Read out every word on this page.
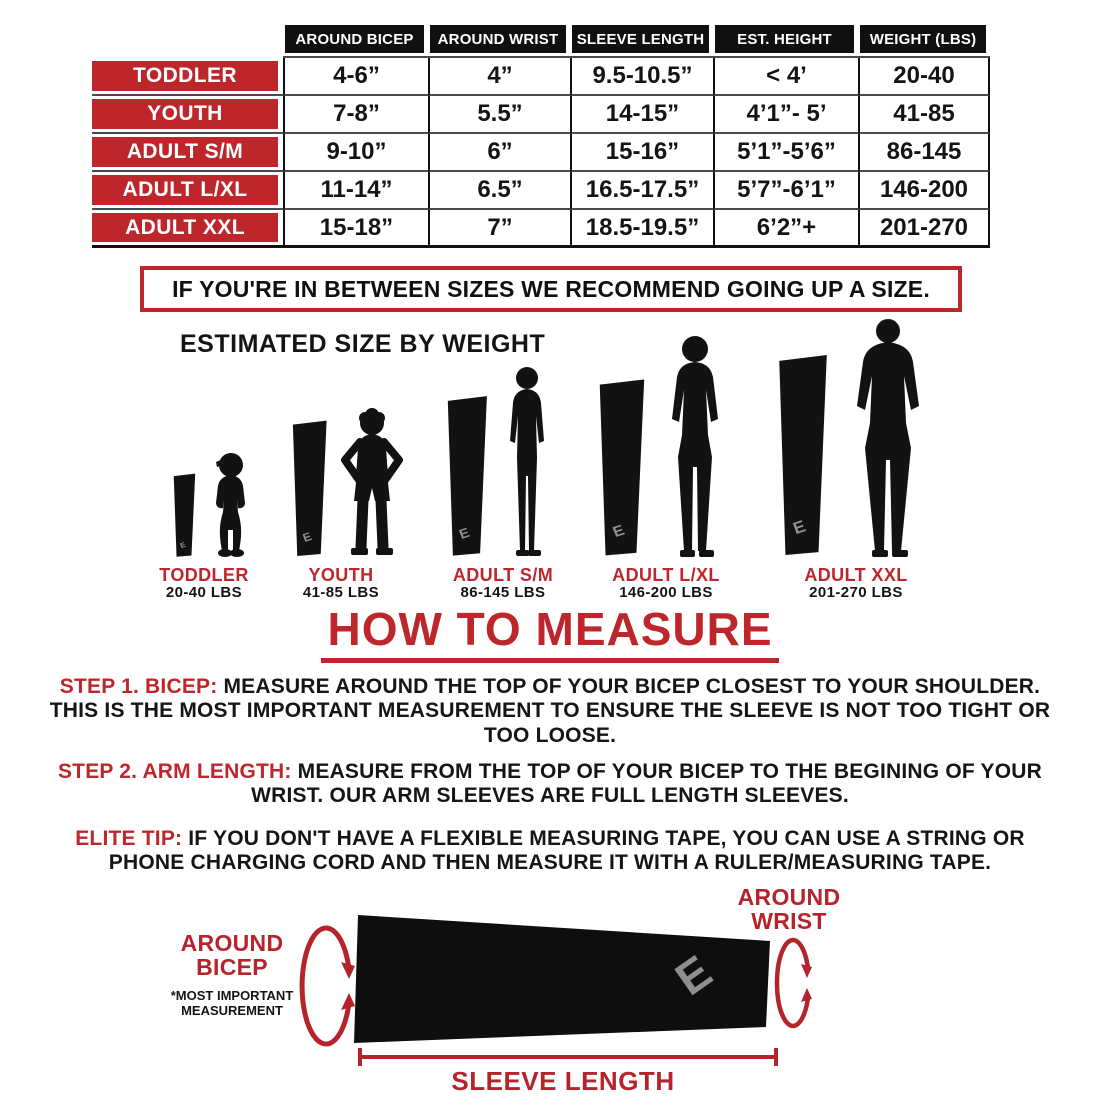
AROUND BICEP	AROUND WRIST	SLEEVE LENGTH	EST. HEIGHT	WEIGHT (LBS)
TODDLER	4-6”	4”	9.5-10.5”	< 4’	20-40
YOUTH	7-8”	5.5”	14-15”	4’1”- 5’	41-85
ADULT S/M	9-10”	6”	15-16”	5’1”-5’6”	86-145
ADULT L/XL	11-14”	6.5”	16.5-17.5”	5’7”-6’1”	146-200
ADULT XXL	15-18”	7”	18.5-19.5”	6’2”+	201-270
IF YOU'RE IN BETWEEN SIZES WE RECOMMEND GOING UP A SIZE.
ESTIMATED SIZE BY WEIGHT
E
E	E	E	E
TODDLER
20-40 LBS
YOUTH
41-85 LBS
ADULT S/M
86-145 LBS
ADULT L/XL
146-200 LBS
ADULT XXL
201-270 LBS
HOW TO MEASURE
STEP 1. BICEP: MEASURE AROUND THE TOP OF YOUR BICEP CLOSEST TO YOUR SHOULDER. THIS IS THE MOST IMPORTANT MEASUREMENT TO ENSURE THE SLEEVE IS NOT TOO TIGHT OR TOO LOOSE.
STEP 2. ARM LENGTH: MEASURE FROM THE TOP OF YOUR BICEP TO THE BEGINING OF YOUR WRIST. OUR ARM SLEEVES ARE FULL LENGTH SLEEVES.
ELITE TIP: IF YOU DON'T HAVE A FLEXIBLE MEASURING TAPE, YOU CAN USE A STRING OR PHONE CHARGING CORD AND THEN MEASURE IT WITH A RULER/MEASURING TAPE.
E
AROUND BICEP
*MOST IMPORTANT MEASUREMENT
AROUND WRIST
SLEEVE LENGTH
